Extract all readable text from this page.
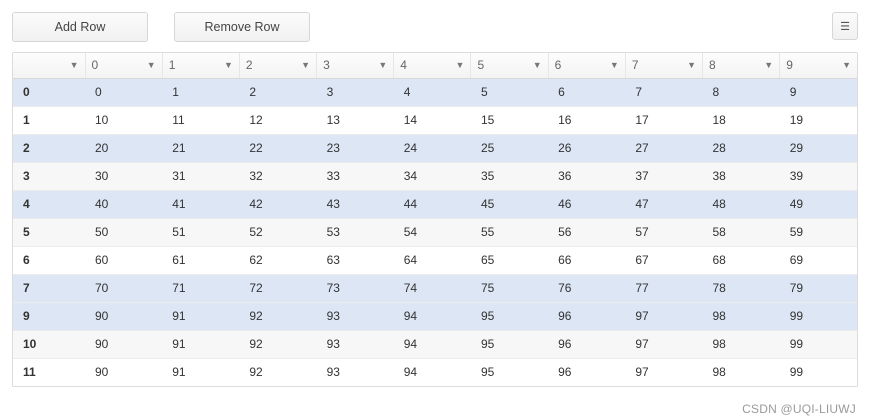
Add Row	Remove Row	☰
▼	0 ▼	1 ▼	2 ▼	3 ▼	4 ▼	5 ▼	6 ▼	7 ▼	8 ▼	9 ▼

0	0	1	2	3	4	5	6	7	8	9
1	10	11	12	13	14	15	16	17	18	19
2	20	21	22	23	24	25	26	27	28	29
3	30	31	32	33	34	35	36	37	38	39
4	40	41	42	43	44	45	46	47	48	49
5	50	51	52	53	54	55	56	57	58	59
6	60	61	62	63	64	65	66	67	68	69
7	70	71	72	73	74	75	76	77	78	79
9	90	91	92	93	94	95	96	97	98	99
10	90	91	92	93	94	95	96	97	98	99
11	90	91	92	93	94	95	96	97	98	99
CSDN @UQI-LIUWJ
